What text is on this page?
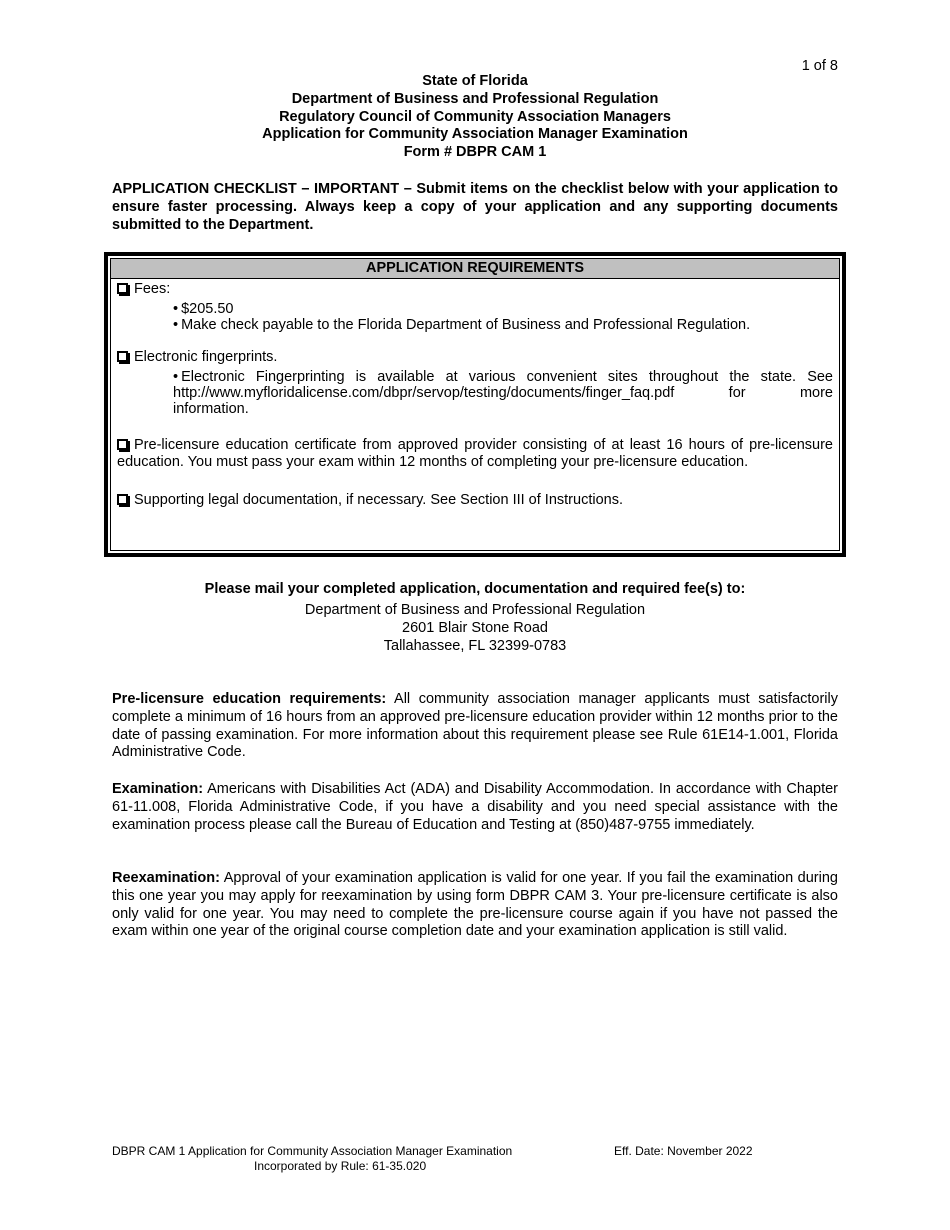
1 of 8
State of Florida
Department of Business and Professional Regulation
Regulatory Council of Community Association Managers
Application for Community Association Manager Examination
Form # DBPR CAM 1
APPLICATION CHECKLIST – IMPORTANT – Submit items on the checklist below with your application to ensure faster processing. Always keep a copy of your application and any supporting documents submitted to the Department.
APPLICATION REQUIREMENTS
Fees:
• $205.50
• Make check payable to the Florida Department of Business and Professional Regulation.
Electronic fingerprints.
• Electronic Fingerprinting is available at various convenient sites throughout the state. See
http://www.myfloridalicense.com/dbpr/servop/testing/documents/finger_faq.pdf for more
information.
Pre-licensure education certificate from approved provider consisting of at least 16 hours of pre-licensure education. You must pass your exam within 12 months of completing your pre-licensure education.
Supporting legal documentation, if necessary. See Section III of Instructions.
Please mail your completed application, documentation and required fee(s) to:
Department of Business and Professional Regulation
2601 Blair Stone Road
Tallahassee, FL 32399-0783
Pre-licensure education requirements: All community association manager applicants must satisfactorily complete a minimum of 16 hours from an approved pre-licensure education provider within 12 months prior to the date of passing examination. For more information about this requirement please see Rule 61E14-1.001, Florida Administrative Code.
Examination: Americans with Disabilities Act (ADA) and Disability Accommodation. In accordance with Chapter 61-11.008, Florida Administrative Code, if you have a disability and you need special assistance with the examination process please call the Bureau of Education and Testing at (850)487-9755 immediately.
Reexamination: Approval of your examination application is valid for one year. If you fail the examination during this one year you may apply for reexamination by using form DBPR CAM 3. Your pre-licensure certificate is also only valid for one year. You may need to complete the pre-licensure course again if you have not passed the exam within one year of the original course completion date and your examination application is still valid.
DBPR CAM 1 Application for Community Association Manager Examination
Incorporated by Rule: 61-35.020
Eff. Date: November 2022
